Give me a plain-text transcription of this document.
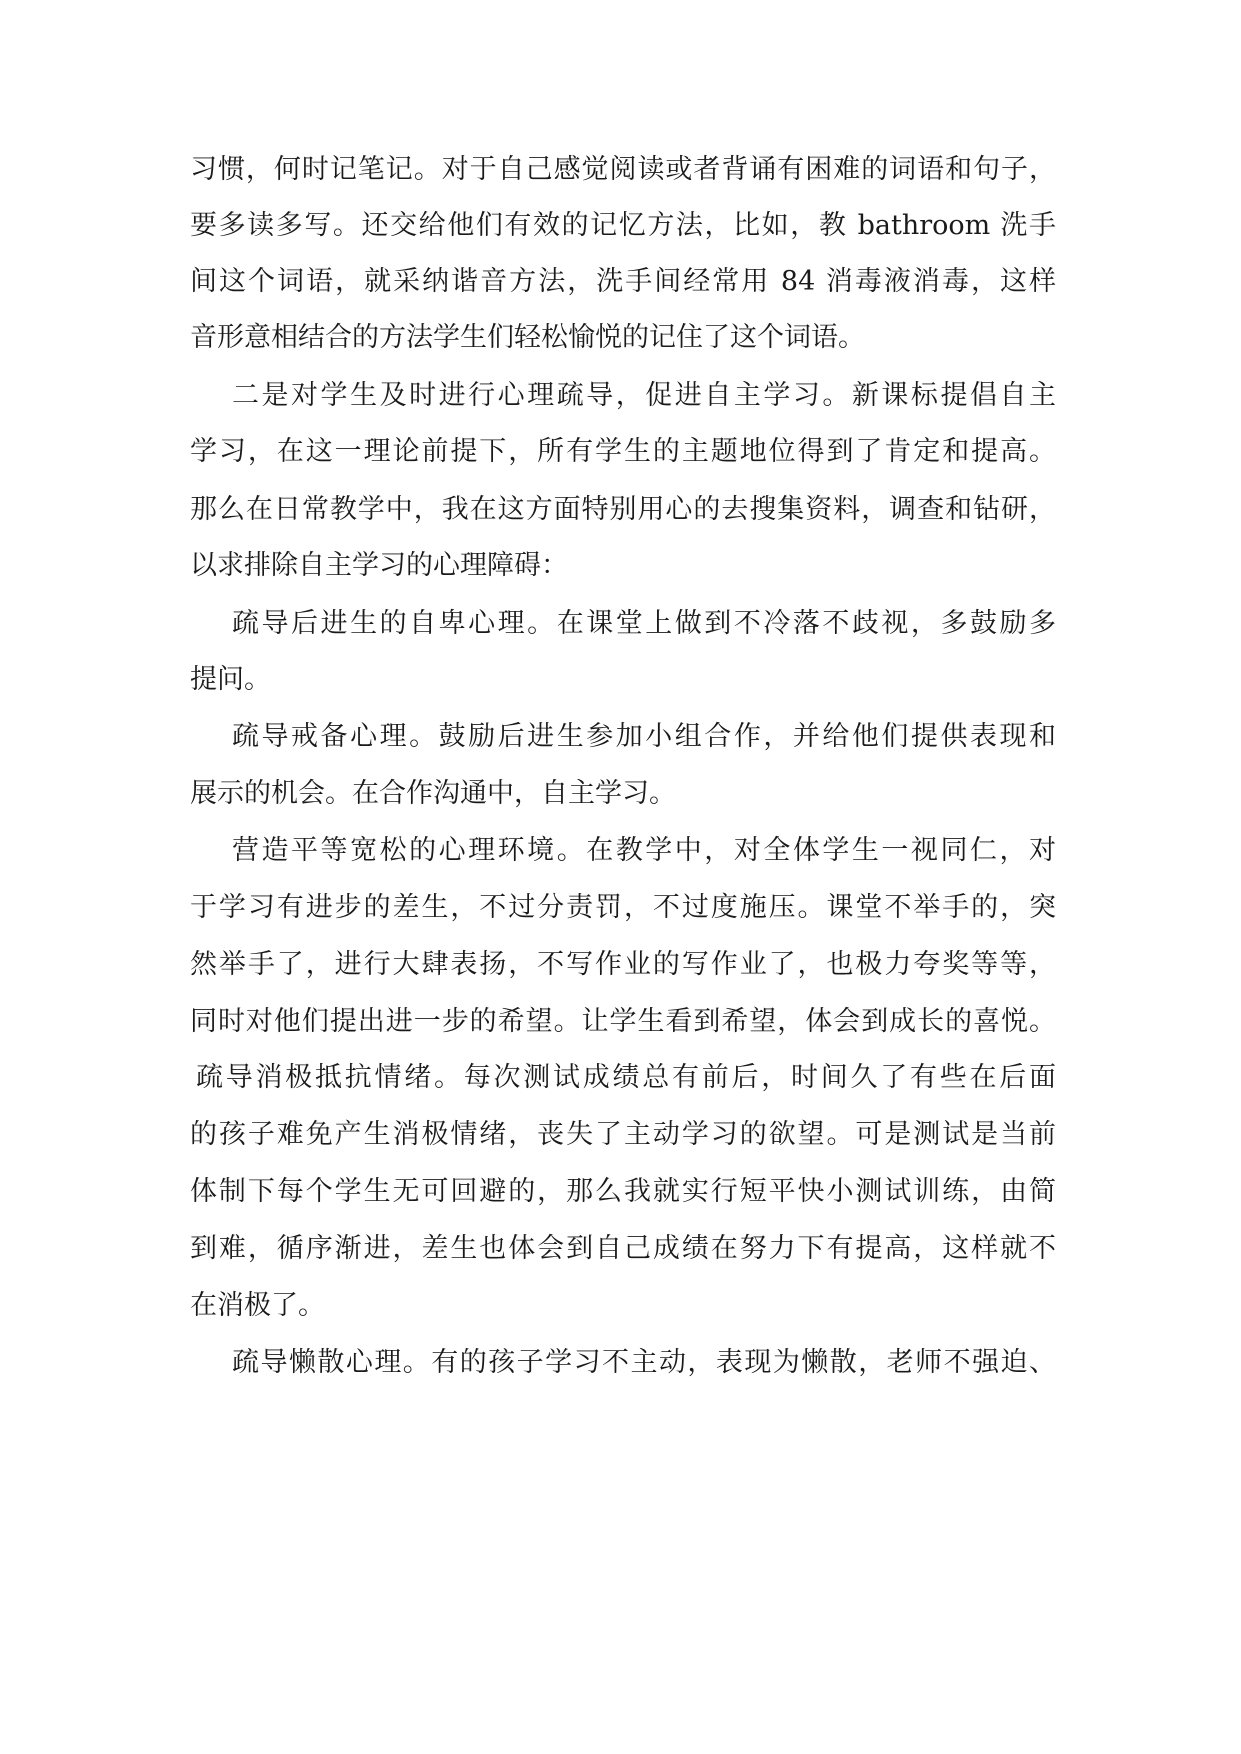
习惯，何时记笔记。对于自己感觉阅读或者背诵有困难的词语和句子，
要多读多写。还交给他们有效的记忆方法，比如，教 bathroom 洗手
间这个词语，就采纳谐音方法，洗手间经常用 84 消毒液消毒，这样
音形意相结合的方法学生们轻松愉悦的记住了这个词语。
二是对学生及时进行心理疏导，促进自主学习。新课标提倡自主
学习，在这一理论前提下，所有学生的主题地位得到了肯定和提高。
那么在日常教学中，我在这方面特别用心的去搜集资料，调查和钻研，
以求排除自主学习的心理障碍：
疏导后进生的自卑心理。在课堂上做到不冷落不歧视，多鼓励多
提问。
疏导戒备心理。鼓励后进生参加小组合作，并给他们提供表现和
展示的机会。在合作沟通中，自主学习。
营造平等宽松的心理环境。在教学中，对全体学生一视同仁，对
于学习有进步的差生，不过分责罚，不过度施压。课堂不举手的，突
然举手了，进行大肆表扬，不写作业的写作业了，也极力夸奖等等，
同时对他们提出进一步的希望。让学生看到希望，体会到成长的喜悦。
疏导消极抵抗情绪。每次测试成绩总有前后，时间久了有些在后面
的孩子难免产生消极情绪，丧失了主动学习的欲望。可是测试是当前
体制下每个学生无可回避的，那么我就实行短平快小测试训练，由简
到难，循序渐进，差生也体会到自己成绩在努力下有提高，这样就不
在消极了。
疏导懒散心理。有的孩子学习不主动，表现为懒散，老师不强迫、
